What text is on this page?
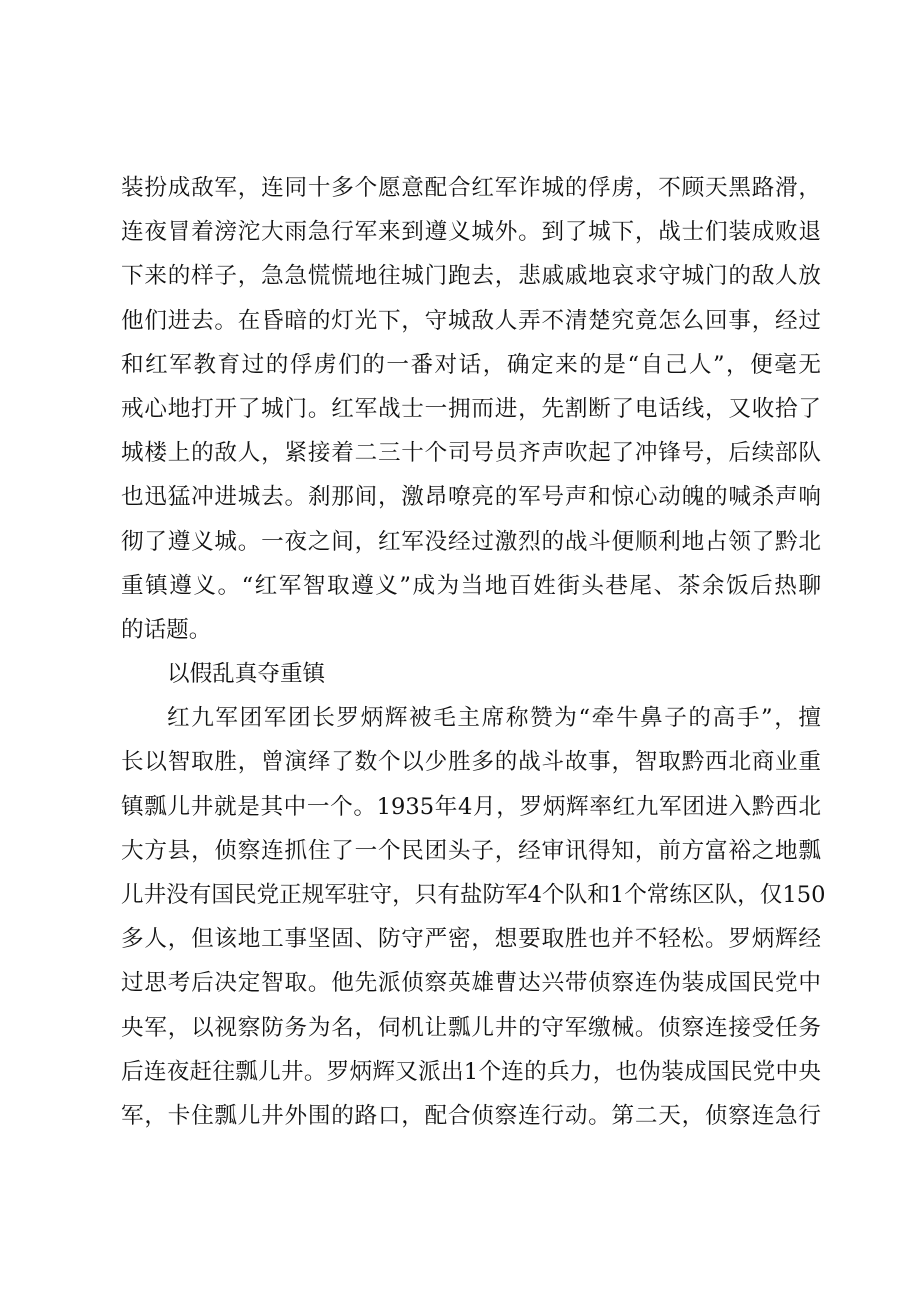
装扮成敌军，连同十多个愿意配合红军诈城的俘虏，不顾天黑路滑，
连夜冒着滂沱大雨急行军来到遵义城外。到了城下，战士们装成败退
下来的样子，急急慌慌地往城门跑去，悲戚戚地哀求守城门的敌人放
他们进去。在昏暗的灯光下，守城敌人弄不清楚究竟怎么回事，经过
和红军教育过的俘虏们的一番对话，确定来的是“自己人”，便毫无
戒心地打开了城门。红军战士一拥而进，先割断了电话线，又收拾了
城楼上的敌人，紧接着二三十个司号员齐声吹起了冲锋号，后续部队
也迅猛冲进城去。刹那间，激昂嘹亮的军号声和惊心动魄的喊杀声响
彻了遵义城。一夜之间，红军没经过激烈的战斗便顺利地占领了黔北
重镇遵义。“红军智取遵义”成为当地百姓街头巷尾、茶余饭后热聊
的话题。
以假乱真夺重镇
红九军团军团长罗炳辉被毛主席称赞为“牵牛鼻子的高手”，擅
长以智取胜，曾演绎了数个以少胜多的战斗故事，智取黔西北商业重
镇瓢儿井就是其中一个。1935年4月，罗炳辉率红九军团进入黔西北
大方县，侦察连抓住了一个民团头子，经审讯得知，前方富裕之地瓢
儿井没有国民党正规军驻守，只有盐防军4个队和1个常练区队，仅150
多人，但该地工事坚固、防守严密，想要取胜也并不轻松。罗炳辉经
过思考后决定智取。他先派侦察英雄曹达兴带侦察连伪装成国民党中
央军，以视察防务为名，伺机让瓢儿井的守军缴械。侦察连接受任务
后连夜赶往瓢儿井。罗炳辉又派出1个连的兵力，也伪装成国民党中央
军，卡住瓢儿井外围的路口，配合侦察连行动。第二天，侦察连急行
